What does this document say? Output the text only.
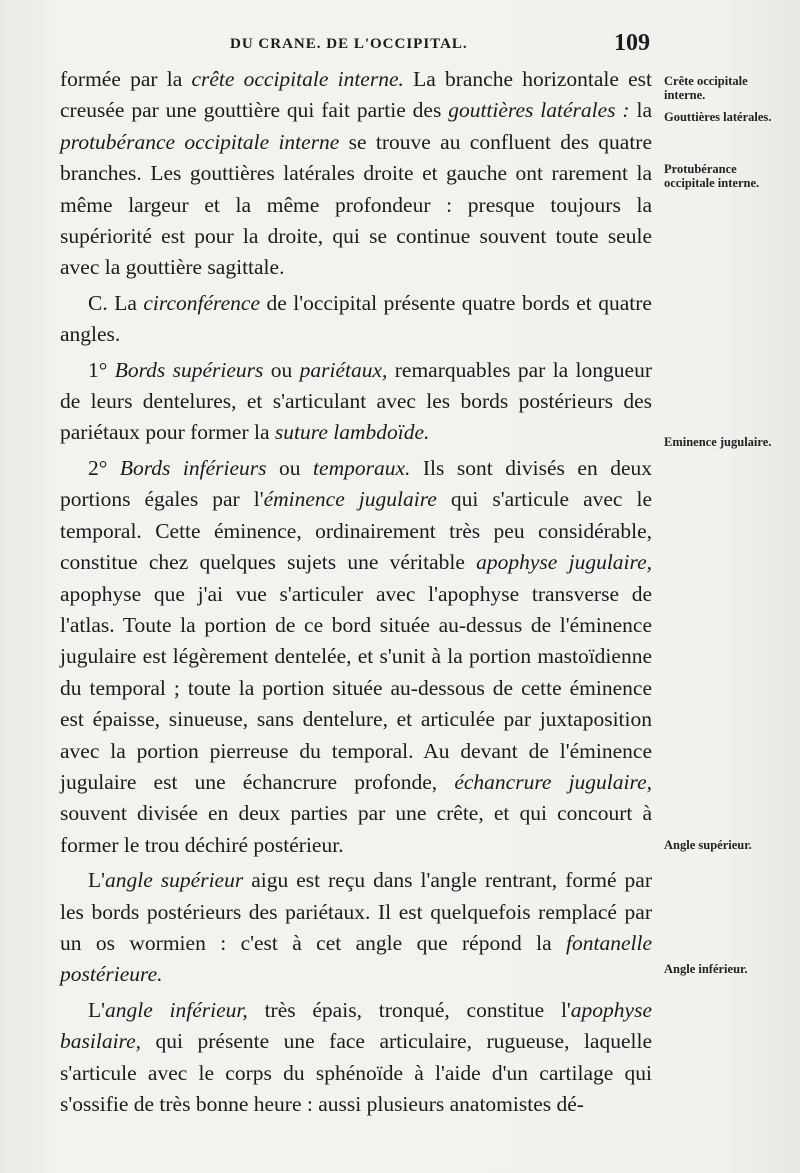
DU CRANE. DE L'OCCIPITAL.	109

formée par la crête occipitale interne. La branche horizontale est creusée par une gouttière qui fait partie des gouttières latérales : la protubérance occipitale interne se trouve au confluent des quatre branches. Les gouttières latérales droite et gauche ont rarement la même largeur et la même profondeur : presque toujours la supériorité est pour la droite, qui se continue souvent toute seule avec la gouttière sagittale.

C. La circonférence de l'occipital présente quatre bords et quatre angles.

1° Bords supérieurs ou pariétaux, remarquables par la longueur de leurs dentelures, et s'articulant avec les bords postérieurs des pariétaux pour former la suture lambdoïde.

2° Bords inférieurs ou temporaux. Ils sont divisés en deux portions égales par l'éminence jugulaire qui s'articule avec le temporal. Cette éminence, ordinairement très peu considérable, constitue chez quelques sujets une véritable apophyse jugulaire, apophyse que j'ai vue s'articuler avec l'apophyse transverse de l'atlas. Toute la portion de ce bord située au-dessus de l'éminence jugulaire est légèrement dentelée, et s'unit à la portion mastoïdienne du temporal ; toute la portion située au-dessous de cette éminence est épaisse, sinueuse, sans dentelure, et articulée par juxtaposition avec la portion pierreuse du temporal. Au devant de l'éminence jugulaire est une échancrure profonde, échancrure jugulaire, souvent divisée en deux parties par une crête, et qui concourt à former le trou déchiré postérieur.

L'angle supérieur aigu est reçu dans l'angle rentrant, formé par les bords postérieurs des pariétaux. Il est quelquefois remplacé par un os wormien : c'est à cet angle que répond la fontanelle postérieure.

L'angle inférieur, très épais, tronqué, constitue l'apophyse basilaire, qui présente une face articulaire, rugueuse, laquelle s'articule avec le corps du sphénoïde à l'aide d'un cartilage qui s'ossifie de très bonne heure : aussi plusieurs anatomistes dé-

Crête occipitale interne.
Gouttières latérales.
Protubérance occipitale interne.
Eminence jugulaire.
Angle supérieur.
Angle inférieur.
